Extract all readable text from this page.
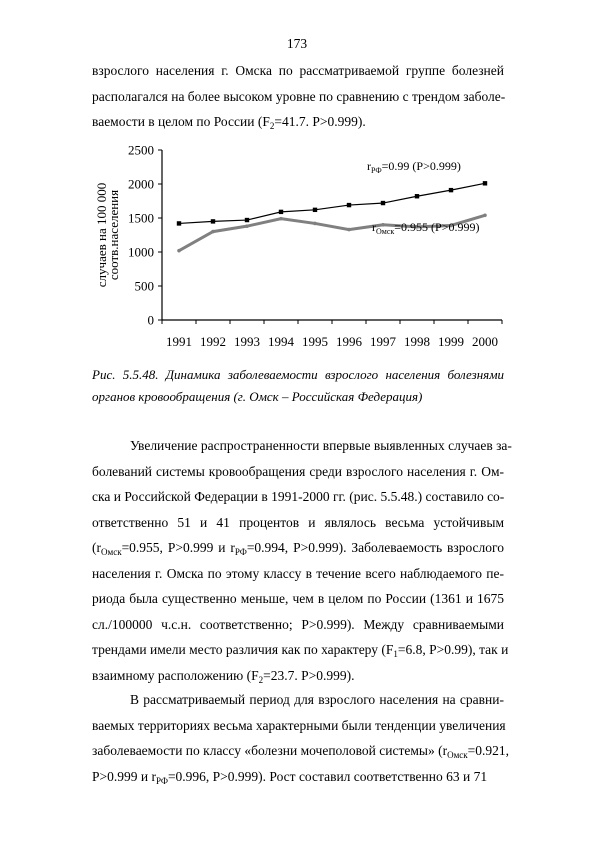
173
взрослого населения г. Омска по рассматриваемой группе болезней
располагался на более высоком уровне по сравнению с трендом заболе-
ваемости в целом по России ($F_2=41.7$. P>0.999).
0
500
1000
1500
2000
2500
1991 1992 1993 1994 1995 1996 1997 1998 1999 2000
случаев на 100 000соотв.населения
$r_{РФ}=0.99$ (P>0.999)
$r_{Омск}=0.955$ (P>0.999)
Рис. 5.5.48. Динамика заболеваемости взрослого населения болезнями
органов кровообращения (г. Омск – Российская Федерация)
Увеличение распространенности впервые выявленных случаев за-
болеваний системы кровообращения среди взрослого населения г. Ом-
ска и Российской Федерации в 1991-2000 гг. (рис. 5.5.48.) составило со-
ответственно 51 и 41 процентов и являлось весьма устойчивым
($r_{Омск}=0.955$, P>0.999 и $r_{РФ}=0.994$, P>0.999). Заболеваемость взрослого
населения г. Омска по этому классу в течение всего наблюдаемого пе-
риода была существенно меньше, чем в целом по России (1361 и 1675
сл./100000 ч.с.н. соответственно; P>0.999). Между сравниваемыми
трендами имели место различия как по характеру ($F_1=6.8$, P>0.99), так и
взаимному расположению ($F_2=23.7$. P>0.999).
В рассматриваемый период для взрослого населения на сравни-
ваемых территориях весьма характерными были тенденции увеличения
заболеваемости по классу «болезни мочеполовой системы» ($r_{Омск}=0.921$,
P>0.999 и $r_{РФ}=0.996$, P>0.999). Рост составил соответственно 63 и 71
